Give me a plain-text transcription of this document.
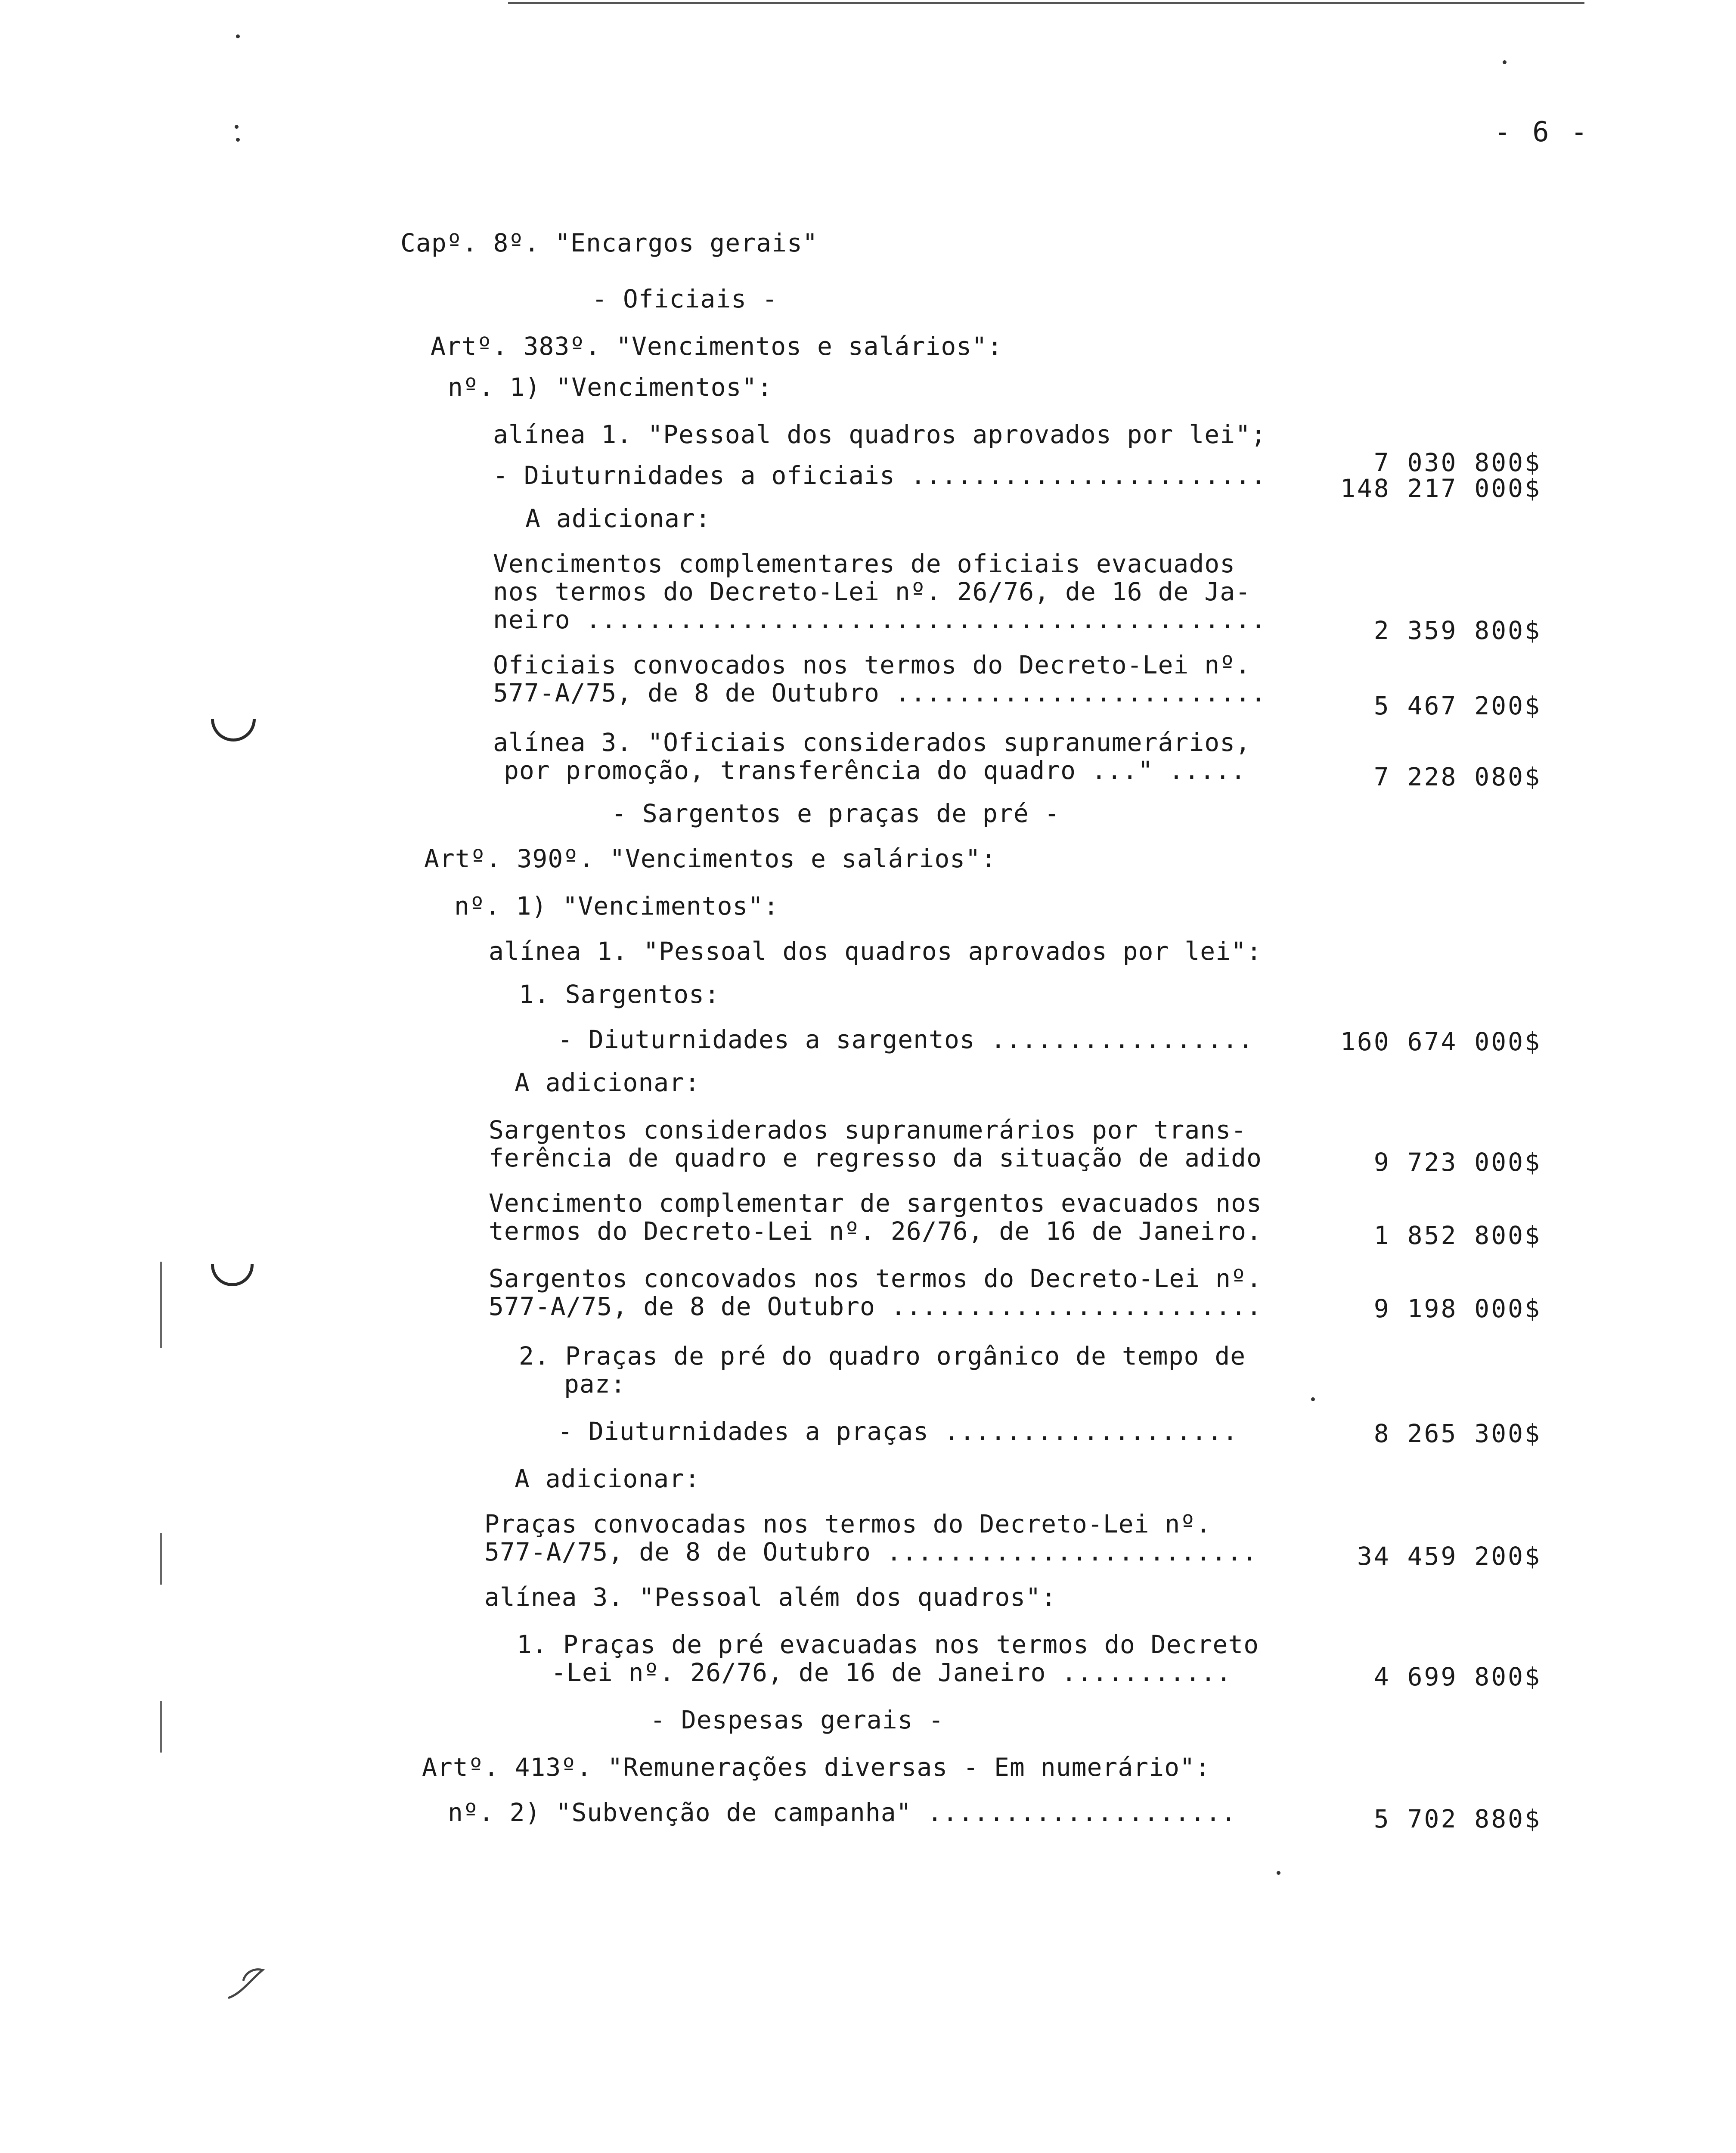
- 6 -
Capº. 8º. "Encargos gerais"
- Oficiais -
Artº. 383º. "Vencimentos e salários":
nº. 1) "Vencimentos":
alínea 1. "Pessoal dos quadros aprovados por lei";
- Diuturnidades a oficiais .......................
A adicionar:
Vencimentos complementares de oficiais evacuados
nos termos do Decreto-Lei nº. 26/76, de 16 de Ja-
neiro ............................................
Oficiais convocados nos termos do Decreto-Lei nº.
577-A/75, de 8 de Outubro ........................
alínea 3. "Oficiais considerados supranumerários,
por promoção, transferência do quadro ..." .....
- Sargentos e praças de pré -
Artº. 390º. "Vencimentos e salários":
nº. 1) "Vencimentos":
alínea 1. "Pessoal dos quadros aprovados por lei":
1. Sargentos:
- Diuturnidades a sargentos .................
A adicionar:
Sargentos considerados supranumerários por trans-
ferência de quadro e regresso da situação de adido
Vencimento complementar de sargentos evacuados nos
termos do Decreto-Lei nº. 26/76, de 16 de Janeiro.
Sargentos concovados nos termos do Decreto-Lei nº.
577-A/75, de 8 de Outubro ........................
2. Praças de pré do quadro orgânico de tempo de
paz:
- Diuturnidades a praças ...................
A adicionar:
Praças convocadas nos termos do Decreto-Lei nº.
577-A/75, de 8 de Outubro ........................
alínea 3. "Pessoal além dos quadros":
1. Praças de pré evacuadas nos termos do Decreto
-Lei nº. 26/76, de 16 de Janeiro ...........
- Despesas gerais -
Artº. 413º. "Remunerações diversas - Em numerário":
nº. 2) "Subvenção de campanha" ....................
7 030 800$
148 217 000$
2 359 800$
5 467 200$
7 228 080$
160 674 000$
9 723 000$
1 852 800$
9 198 000$
8 265 300$
34 459 200$
4 699 800$
5 702 880$
